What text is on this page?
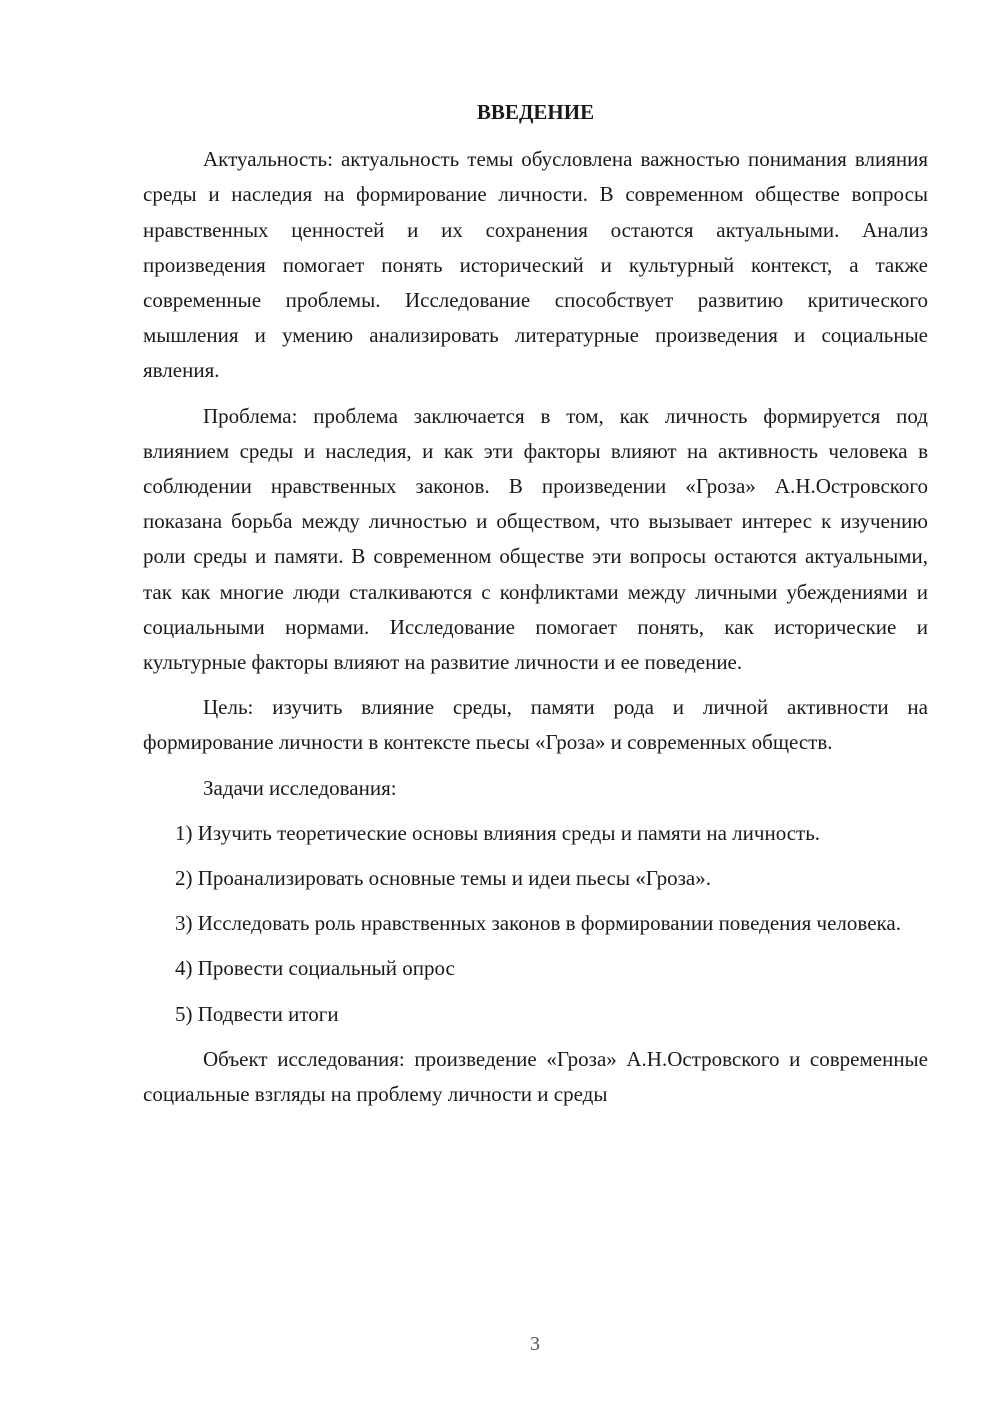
ВВЕДЕНИЕ

Актуальность: актуальность темы обусловлена важностью понимания влияния среды и наследия на формирование личности. В современном обществе вопросы нравственных ценностей и их сохранения остаются актуальными. Анализ произведения помогает понять исторический и культурный контекст, а также современные проблемы. Исследование способствует развитию критического мышления и умению анализировать литературные произведения и социальные явления.

Проблема: проблема заключается в том, как личность формируется под влиянием среды и наследия, и как эти факторы влияют на активность человека в соблюдении нравственных законов. В произведении «Гроза» А.Н.Островского показана борьба между личностью и обществом, что вызывает интерес к изучению роли среды и памяти. В современном обществе эти вопросы остаются актуальными, так как многие люди сталкиваются с конфликтами между личными убеждениями и социальными нормами. Исследование помогает понять, как исторические и культурные факторы влияют на развитие личности и ее поведение.

Цель: изучить влияние среды, памяти рода и личной активности на формирование личности в контексте пьесы «Гроза» и современных обществ.

Задачи исследования:

1) Изучить теоретические основы влияния среды и памяти на личность.

2) Проанализировать основные темы и идеи пьесы «Гроза».

3) Исследовать роль нравственных законов в формировании поведения человека.

4) Провести социальный опрос

5) Подвести итоги

Объект исследования: произведение «Гроза» А.Н.Островского и современные социальные взгляды на проблему личности и среды

3
